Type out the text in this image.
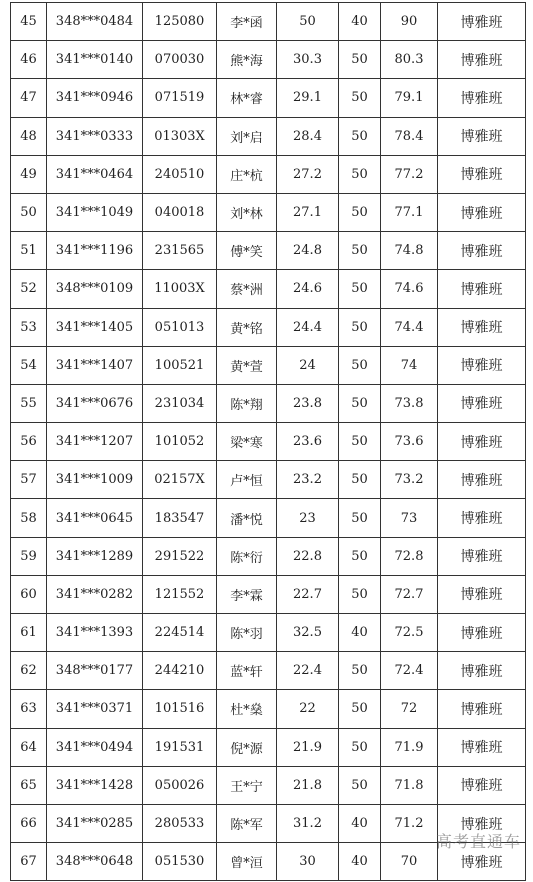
45	348***0484	125080	李*函	50	40	90	博雅班
46	341***0140	070030	熊*海	30.3	50	80.3	博雅班
47	341***0946	071519	林*睿	29.1	50	79.1	博雅班
48	341***0333	01303X	刘*启	28.4	50	78.4	博雅班
49	341***0464	240510	庄*杭	27.2	50	77.2	博雅班
50	341***1049	040018	刘*林	27.1	50	77.1	博雅班
51	341***1196	231565	傅*笑	24.8	50	74.8	博雅班
52	348***0109	11003X	蔡*洲	24.6	50	74.6	博雅班
53	341***1405	051013	黄*铭	24.4	50	74.4	博雅班
54	341***1407	100521	黄*萱	24	50	74	博雅班
55	341***0676	231034	陈*翔	23.8	50	73.8	博雅班
56	341***1207	101052	梁*寒	23.6	50	73.6	博雅班
57	341***1009	02157X	卢*恒	23.2	50	73.2	博雅班
58	341***0645	183547	潘*悦	23	50	73	博雅班
59	341***1289	291522	陈*衍	22.8	50	72.8	博雅班
60	341***0282	121552	李*霖	22.7	50	72.7	博雅班
61	341***1393	224514	陈*羽	32.5	40	72.5	博雅班
62	348***0177	244210	蓝*轩	22.4	50	72.4	博雅班
63	341***0371	101516	杜*燊	22	50	72	博雅班
64	341***0494	191531	倪*源	21.9	50	71.9	博雅班
65	341***1428	050026	王*宁	21.8	50	71.8	博雅班
66	341***0285	280533	陈*军	31.2	40	71.2	博雅班
67	348***0648	051530	曾*洹	30	40	70	博雅班
高考直通车
